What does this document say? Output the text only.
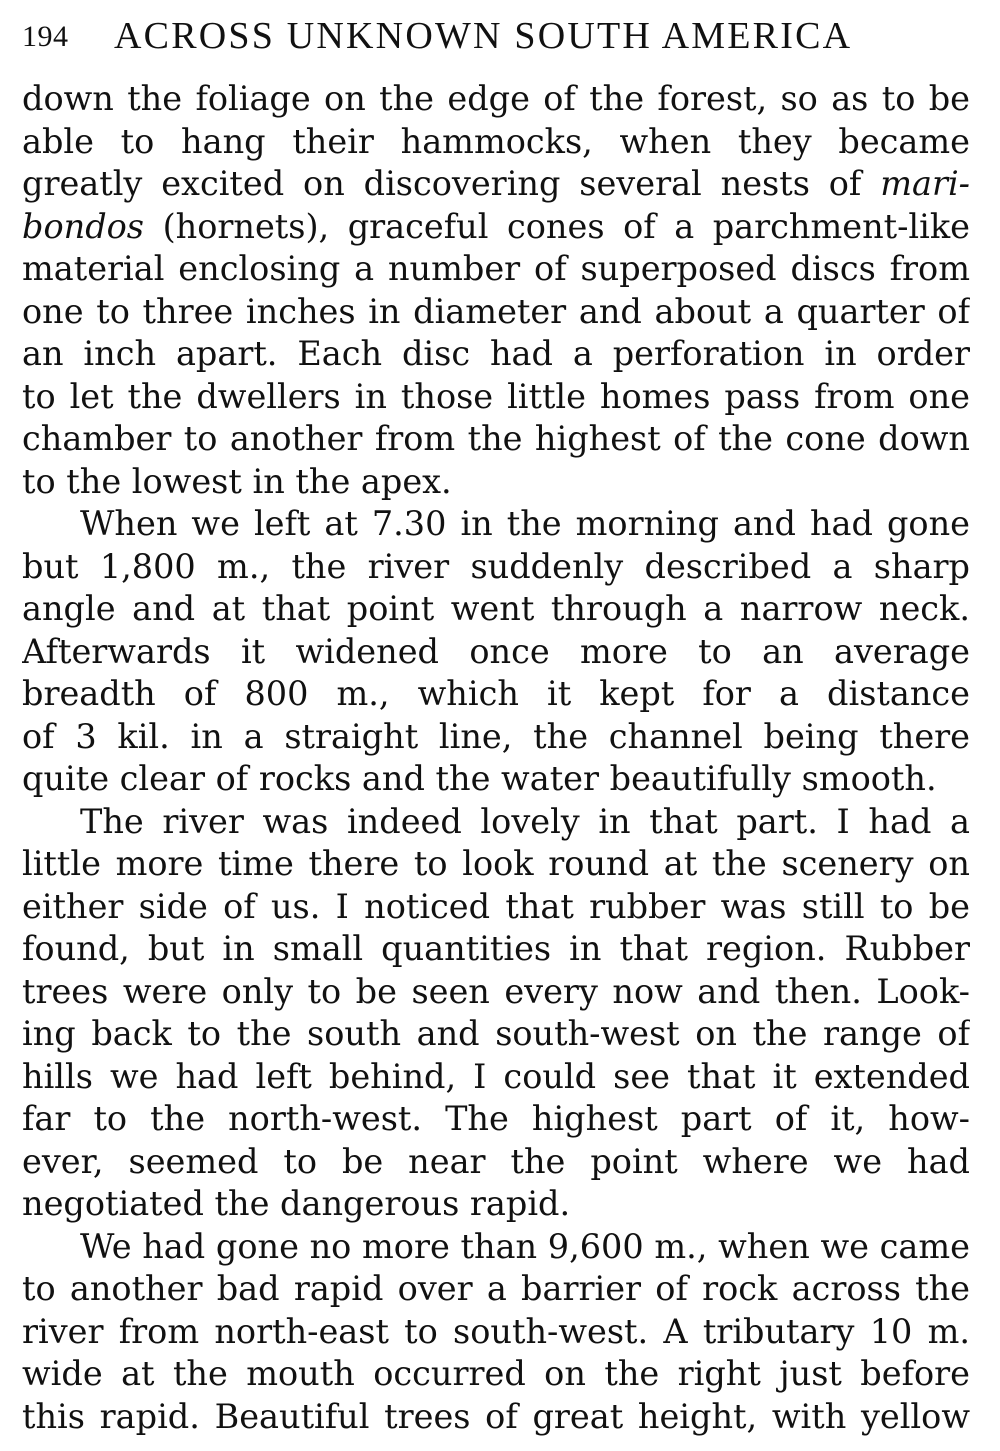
194 ACROSS UNKNOWN SOUTH AMERICA
down the foliage on the edge of the forest, so as to be
able to hang their hammocks, when they became
greatly excited on discovering several nests of mari-
bondos (hornets), graceful cones of a parchment-like
material enclosing a number of superposed discs from
one to three inches in diameter and about a quarter of
an inch apart. Each disc had a perforation in order
to let the dwellers in those little homes pass from one
chamber to another from the highest of the cone down
to the lowest in the apex.
When we left at 7.30 in the morning and had gone
but 1,800 m., the river suddenly described a sharp
angle and at that point went through a narrow neck.
Afterwards it widened once more to an average
breadth of 800 m., which it kept for a distance
of 3 kil. in a straight line, the channel being there
quite clear of rocks and the water beautifully smooth.
The river was indeed lovely in that part. I had a
little more time there to look round at the scenery on
either side of us. I noticed that rubber was still to be
found, but in small quantities in that region. Rubber
trees were only to be seen every now and then. Look-
ing back to the south and south-west on the range of
hills we had left behind, I could see that it extended
far to the north-west. The highest part of it, how-
ever, seemed to be near the point where we had
negotiated the dangerous rapid.
We had gone no more than 9,600 m., when we came
to another bad rapid over a barrier of rock across the
river from north-east to south-west. A tributary 10 m.
wide at the mouth occurred on the right just before
this rapid. Beautiful trees of great height, with yellow
